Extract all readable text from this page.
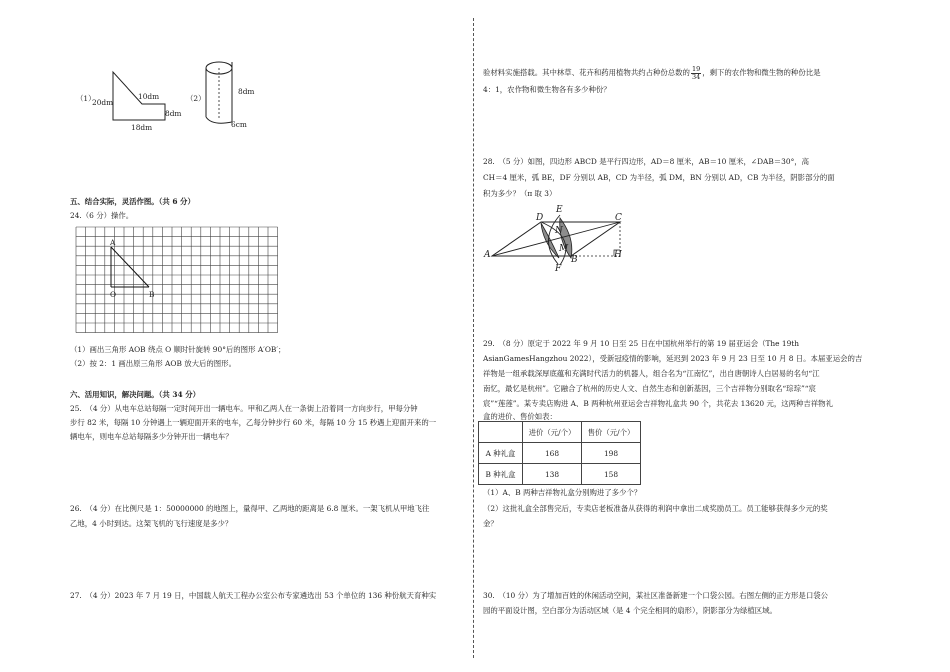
（1）
20dm
10dm
8dm
18dm
（2）
8dm
6cm
五、结合实际，灵活作图。（共 6 分）
24.（6 分）操作。
A
O	B
（1）画出三角形 AOB 绕点 O 顺时针旋转 90°后的图形 A′OB′；
（2）按 2：1 画出原三角形 AOB 放大后的图形。
六、活用知识，解决问题。（共 34 分）
25.　（4 分）从电车总站每隔一定时间开出一辆电车。甲和乙两人在一条街上沿着同一方向步行，甲每分钟
步行 82 米，每隔 10 分钟遇上一辆迎面开来的电车，乙每分钟步行 60 米，每隔 10 分 15 秒遇上迎面开来的一
辆电车，则电车总站每隔多少分钟开出一辆电车？
26.　（4 分）在比例尺是 1：50000000 的地图上，量得甲、乙两地的距离是 6.8 厘米。一架飞机从甲地飞往
乙地，4 小时到达。这架飞机的飞行速度是多少？
27.　（4 分）2023 年 7 月 19 日，中国载人航天工程办公室公布专家遴选出 53 个单位的 136 种份航天育种实
验材料实施搭载。其中林草、花卉和药用植物共约占种份总数的 $\frac{19}{34}$ ，剩下的农作物和微生物的种份比是
4：1，农作物和微生物各有多少种份？
28.　（5 分）如图，四边形 ABCD 是平行四边形，AD＝8 厘米，AB＝10 厘米，∠DAB＝30°，高
CH＝4 厘米，弧 BE，DF 分别以 AB，CD 为半径，弧 DM，BN 分别以 AD，CB 为半径，阴影部分的面
积为多少？（π 取 3）
A
D
E
C
N
M
B
F
H
29.　（8 分）原定于 2022 年 9 月 10 日至 25 日在中国杭州举行的第 19 届亚运会（The 19th
AsianGamesHangzhou 2022），受新冠疫情的影响，延迟到 2023 年 9 月 23 日至 10 月 8 日。本届亚运会的吉
祥物是一组承载深厚底蕴和充满时代活力的机器人，组合名为“江南忆”，出自唐朝诗人白居易的名句“江
南忆，最忆是杭州”。它融合了杭州的历史人文、自然生态和创新基因，三个吉祥物分别取名“琮琮”“宸
宸”“莲莲”。某专卖店购进 A、B 两种杭州亚运会吉祥物礼盒共 90 个，共花去 13620 元，这两种吉祥物礼
盒的进价、售价如表：
	进价（元/个）	售价（元/个）
A 种礼盒	168	198
B 种礼盒	138	158
（1）A、B 两种吉祥物礼盒分别购进了多少个？
（2）这批礼盒全部售完后，专卖店老板准备从获得的利润中拿出二成奖励员工。员工能够获得多少元的奖
金？
30.　（10 分）为了增加百姓的休闲活动空间，某社区准备新建一个口袋公园。右图左侧的正方形是口袋公
园的平面设计图，空白部分为活动区域（是 4 个完全相同的扇形），阴影部分为绿植区域。
